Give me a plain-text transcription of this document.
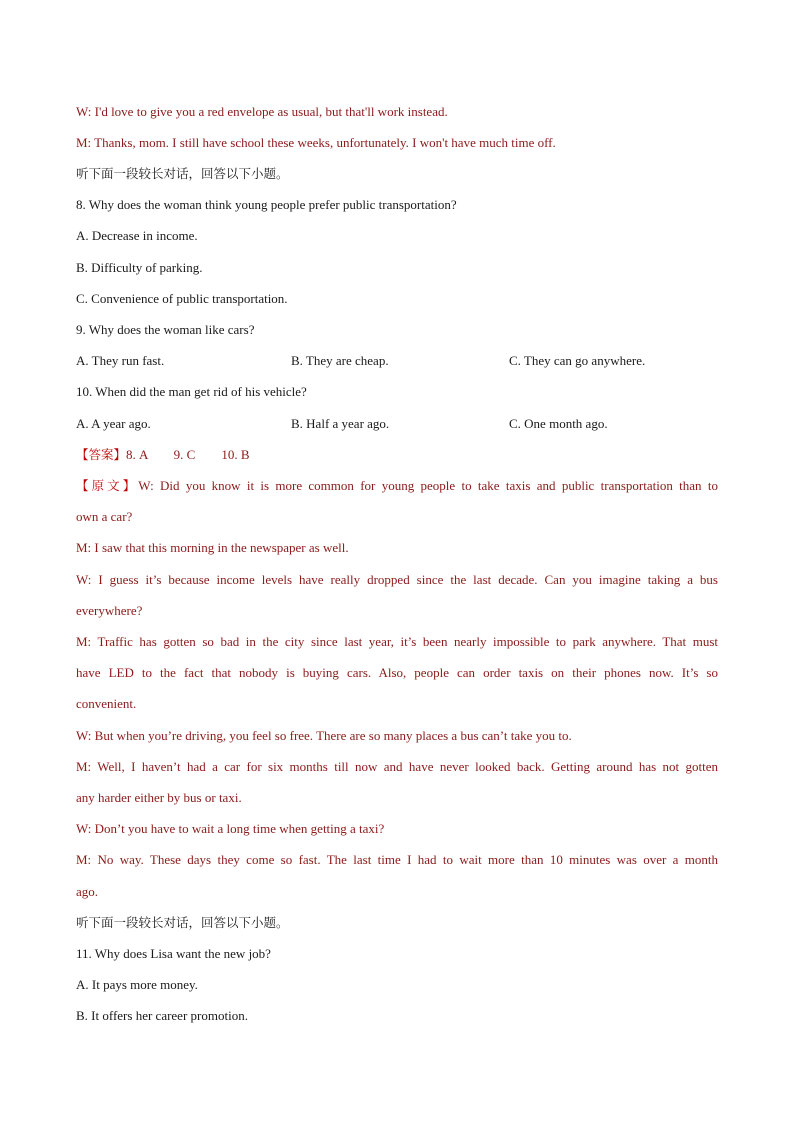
W: I'd love to give you a red envelope as usual, but that'll work instead.
M: Thanks, mom. I still have school these weeks, unfortunately. I won't have much time off.
听下面一段较长对话，回答以下小题。
8. Why does the woman think young people prefer public transportation?
A. Decrease in income.
B. Difficulty of parking.
C. Convenience of public transportation.
9. Why does the woman like cars?
A. They run fast.	B. They are cheap.	C. They can go anywhere.
10. When did the man get rid of his vehicle?
A. A year ago.	B. Half a year ago.	C. One month ago.
【答案】8. A        9. C        10. B
【原文】W: Did you know it is more common for young people to take taxis and public transportation than to
own a car?
M: I saw that this morning in the newspaper as well.
W: I guess it’s because income levels have really dropped since the last decade. Can you imagine taking a bus
everywhere?
M: Traffic has gotten so bad in the city since last year, it’s been nearly impossible to park anywhere. That must
have LED to the fact that nobody is buying cars. Also, people can order taxis on their phones now. It’s so
convenient.
W: But when you’re driving, you feel so free. There are so many places a bus can’t take you to.
M: Well, I haven’t had a car for six months till now and have never looked back. Getting around has not gotten
any harder either by bus or taxi.
W: Don’t you have to wait a long time when getting a taxi?
M: No way. These days they come so fast. The last time I had to wait more than 10 minutes was over a month
ago.
听下面一段较长对话，回答以下小题。
11. Why does Lisa want the new job?
A. It pays more money.
B. It offers her career promotion.
